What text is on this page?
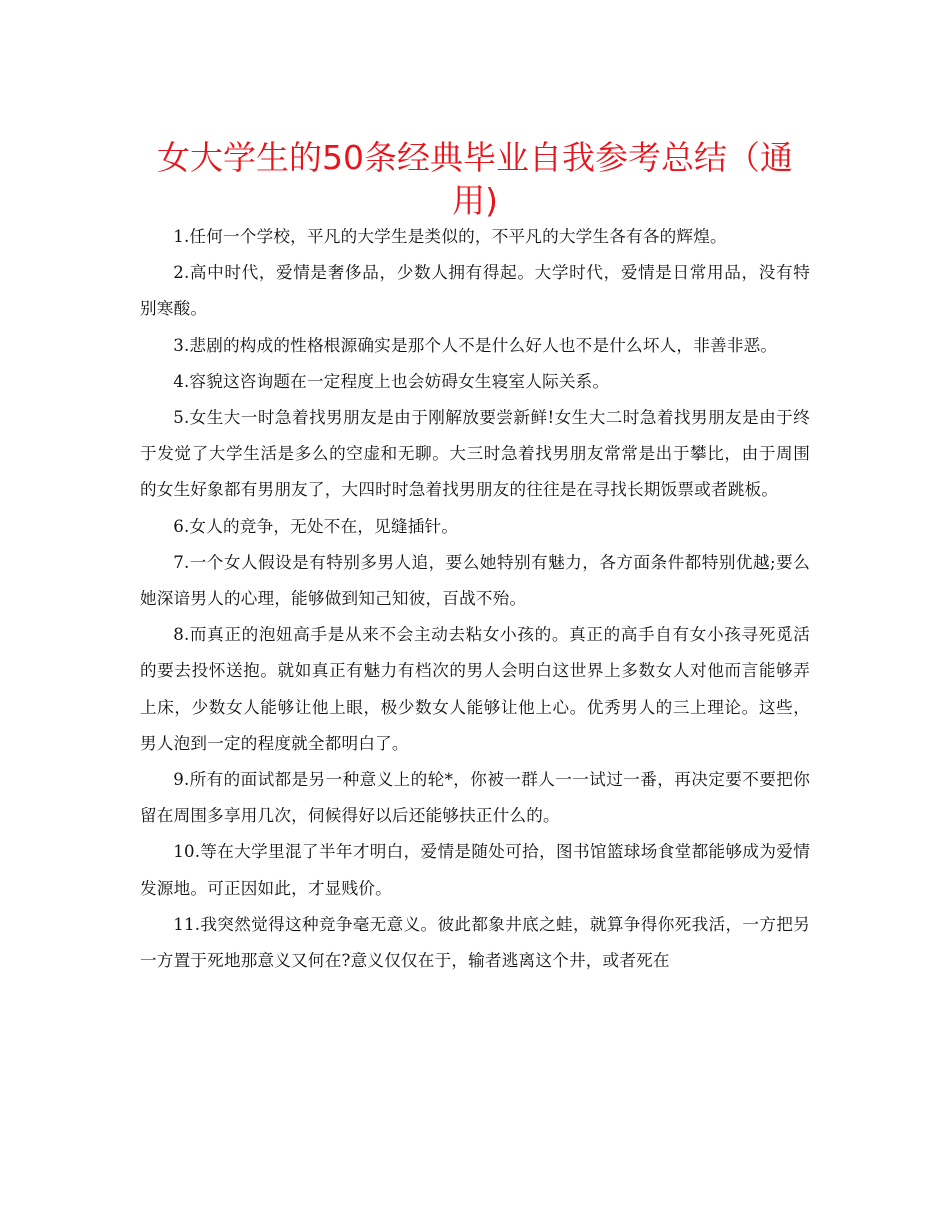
女大学生的50条经典毕业自我参考总结（通用)

1.任何一个学校，平凡的大学生是类似的，不平凡的大学生各有各的辉煌。

2.高中时代，爱情是奢侈品，少数人拥有得起。大学时代，爱情是日常用品，没有特别寒酸。

3.悲剧的构成的性格根源确实是那个人不是什么好人也不是什么坏人，非善非恶。

4.容貌这咨询题在一定程度上也会妨碍女生寝室人际关系。

5.女生大一时急着找男朋友是由于刚解放要尝新鲜!女生大二时急着找男朋友是由于终于发觉了大学生活是多么的空虚和无聊。大三时急着找男朋友常常是出于攀比，由于周围的女生好象都有男朋友了，大四时时急着找男朋友的往往是在寻找长期饭票或者跳板。

6.女人的竞争，无处不在，见缝插针。

7.一个女人假设是有特别多男人追，要么她特别有魅力，各方面条件都特别优越;要么她深谙男人的心理，能够做到知己知彼，百战不殆。

8.而真正的泡妞高手是从来不会主动去粘女小孩的。真正的高手自有女小孩寻死觅活的要去投怀送抱。就如真正有魅力有档次的男人会明白这世界上多数女人对他而言能够弄上床，少数女人能够让他上眼，极少数女人能够让他上心。优秀男人的三上理论。这些，男人泡到一定的程度就全都明白了。

9.所有的面试都是另一种意义上的轮*，你被一群人一一试过一番，再决定要不要把你留在周围多享用几次，伺候得好以后还能够扶正什么的。

10.等在大学里混了半年才明白，爱情是随处可拾，图书馆篮球场食堂都能够成为爱情发源地。可正因如此，才显贱价。

11.我突然觉得这种竞争毫无意义。彼此都象井底之蛙，就算争得你死我活，一方把另一方置于死地那意义又何在?意义仅仅在于，输者逃离这个井，或者死在
